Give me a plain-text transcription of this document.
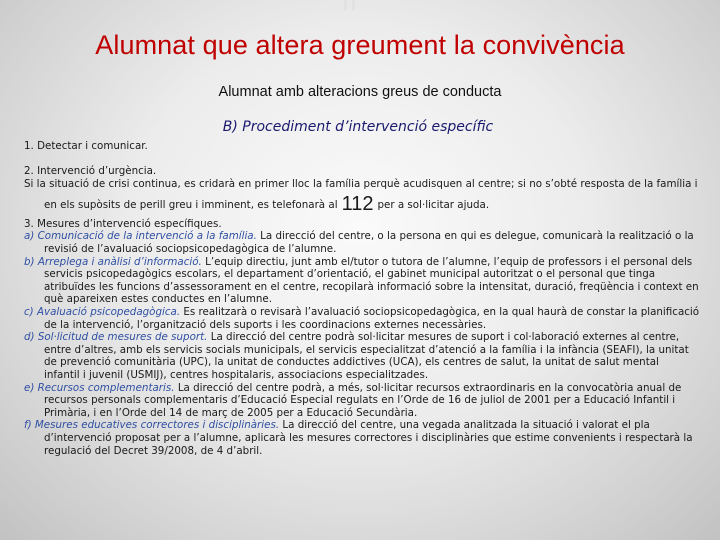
Alumnat que altera greument la convivència
Alumnat amb alteracions greus de conducta
B) Procediment d’intervenció específic

1. Detectar i comunicar.

2. Intervenció d’urgència.

Si la situació de crisi continua, es cridarà en primer lloc la família perquè acudisquen al centre; si no s’obté resposta de la família i

en els supòsits de perill greu i imminent, es telefonarà al 112 per a sol·licitar ajuda.

3. Mesures d’intervenció específiques.

a) Comunicació de la intervenció a la família. La direcció del centre, o la persona en qui es delegue, comunicarà la realització o la

revisió de l’avaluació sociopsicopedagògica de l’alumne.

b) Arreplega i anàlisi d’informació. L’equip directiu, junt amb el/tutor o tutora de l’alumne, l’equip de professors i el personal dels

servicis psicopedagògics escolars, el departament d’orientació, el gabinet municipal autoritzat o el personal que tinga

atribuïdes les funcions d’assessorament en el centre, recopilarà informació sobre la intensitat, duració, freqüència i context en

què apareixen estes conductes en l’alumne.

c) Avaluació psicopedagògica. Es realitzarà o revisarà l’avaluació sociopsicopedagògica, en la qual haurà de constar la planificació

de la intervenció, l’organització dels suports i les coordinacions externes necessàries.

d) Sol·licitud de mesures de suport. La direcció del centre podrà sol·licitar mesures de suport i col·laboració externes al centre,

entre d’altres, amb els servicis socials municipals, el servicis especialitzat d’atenció a la família i la infància (SEAFI), la unitat

de prevenció comunitària (UPC), la unitat de conductes addictives (UCA), els centres de salut, la unitat de salut mental

infantil i juvenil (USMIJ), centres hospitalaris, associacions especialitzades.

e) Recursos complementaris. La direcció del centre podrà, a més, sol·licitar recursos extraordinaris en la convocatòria anual de

recursos personals complementaris d’Educació Especial regulats en l’Orde de 16 de juliol de 2001 per a Educació Infantil i

Primària, i en l’Orde del 14 de març de 2005 per a Educació Secundària.

f) Mesures educatives correctores i disciplinàries. La direcció del centre, una vegada analitzada la situació i valorat el pla

d’intervenció proposat per a l’alumne, aplicarà les mesures correctores i disciplinàries que estime convenients i respectarà la

regulació del Decret 39/2008, de 4 d’abril.
